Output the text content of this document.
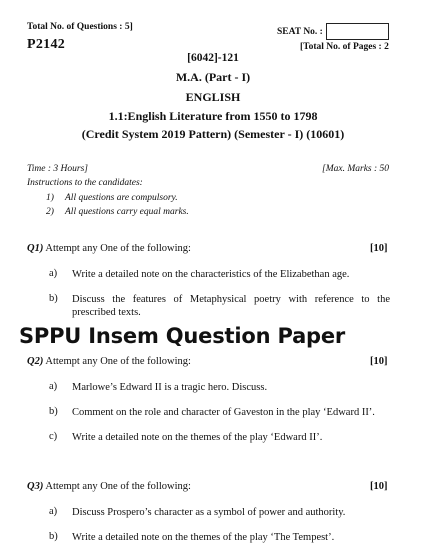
Total No. of Questions : 5]	SEAT No. :
P2142	[Total No. of Pages : 2
[6042]-121
M.A. (Part - I)
ENGLISH
1.1:English Literature from 1550 to 1798
(Credit System 2019 Pattern) (Semester - I) (10601)
Time : 3 Hours]	[Max. Marks : 50
Instructions to the candidates:
1) All questions are compulsory.
2) All questions carry equal marks.
Q1) Attempt any One of the following:	[10]
a) Write a detailed note on the characteristics of the Elizabethan age.
b) Discuss the features of Metaphysical poetry with reference to the prescribed texts.
SPPU Insem Question Paper
Q2) Attempt any One of the following:	[10]
a) Marlowe’s Edward II is a tragic hero. Discuss.
b) Comment on the role and character of Gaveston in the play ‘Edward II’.
c) Write a detailed note on the themes of the play ‘Edward II’.
Q3) Attempt any One of the following:	[10]
a) Discuss Prospero’s character as a symbol of power and authority.
b) Write a detailed note on the themes of the play ‘The Tempest’.
